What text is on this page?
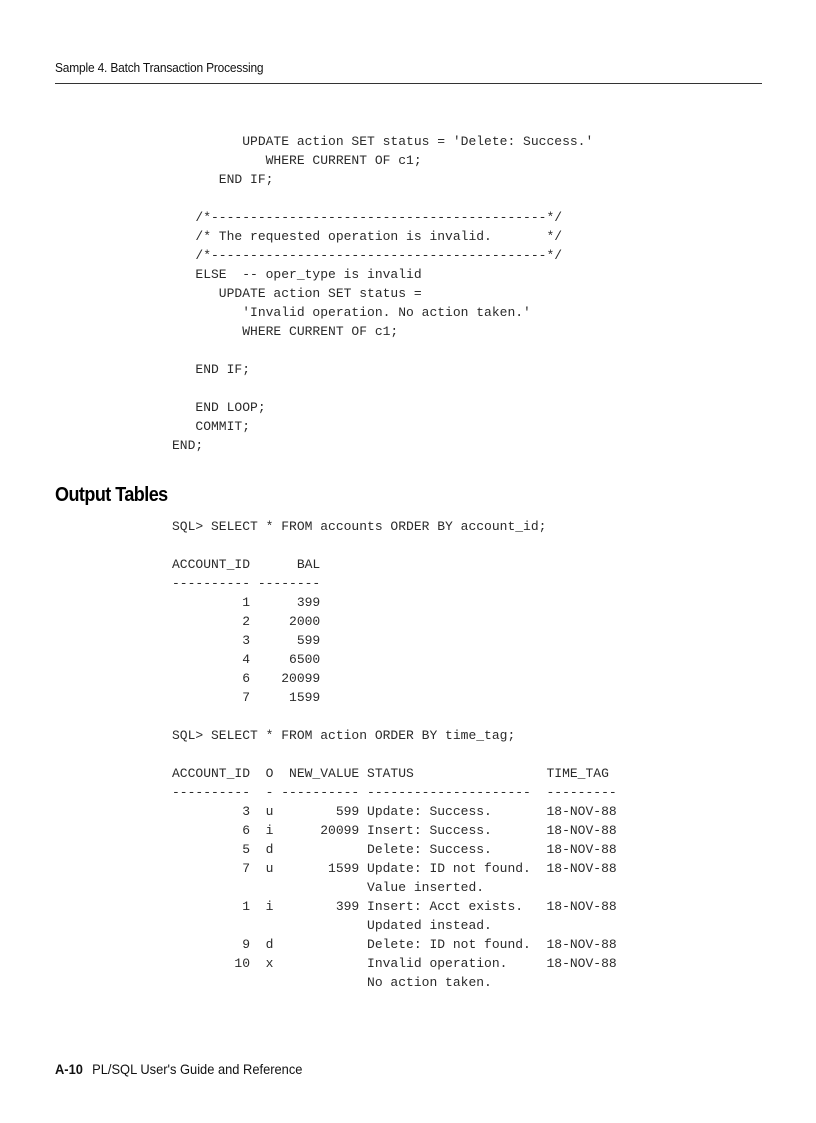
Sample 4. Batch Transaction Processing
UPDATE action SET status = 'Delete: Success.'
WHERE CURRENT OF c1;
END IF;

/*-------------------------------------------*/
/* The requested operation is invalid.       */
/*-------------------------------------------*/
ELSE  -- oper_type is invalid
UPDATE action SET status =
'Invalid operation. No action taken.'
WHERE CURRENT OF c1;

END IF;

END LOOP;
COMMIT;
END;
Output Tables
SQL> SELECT * FROM accounts ORDER BY account_id;

ACCOUNT_ID      BAL
---------- --------
1      399
2     2000
3      599
4     6500
6    20099
7     1599

SQL> SELECT * FROM action ORDER BY time_tag;

ACCOUNT_ID  O  NEW_VALUE STATUS                 TIME_TAG
----------  - ---------- ---------------------  ---------
3  u        599 Update: Success.       18-NOV-88
6  i      20099 Insert: Success.       18-NOV-88
5  d            Delete: Success.       18-NOV-88
7  u       1599 Update: ID not found.  18-NOV-88
Value inserted.
1  i        399 Insert: Acct exists.   18-NOV-88
Updated instead.
9  d            Delete: ID not found.  18-NOV-88
10  x            Invalid operation.     18-NOV-88
No action taken.
A-10 PL/SQL User's Guide and Reference
